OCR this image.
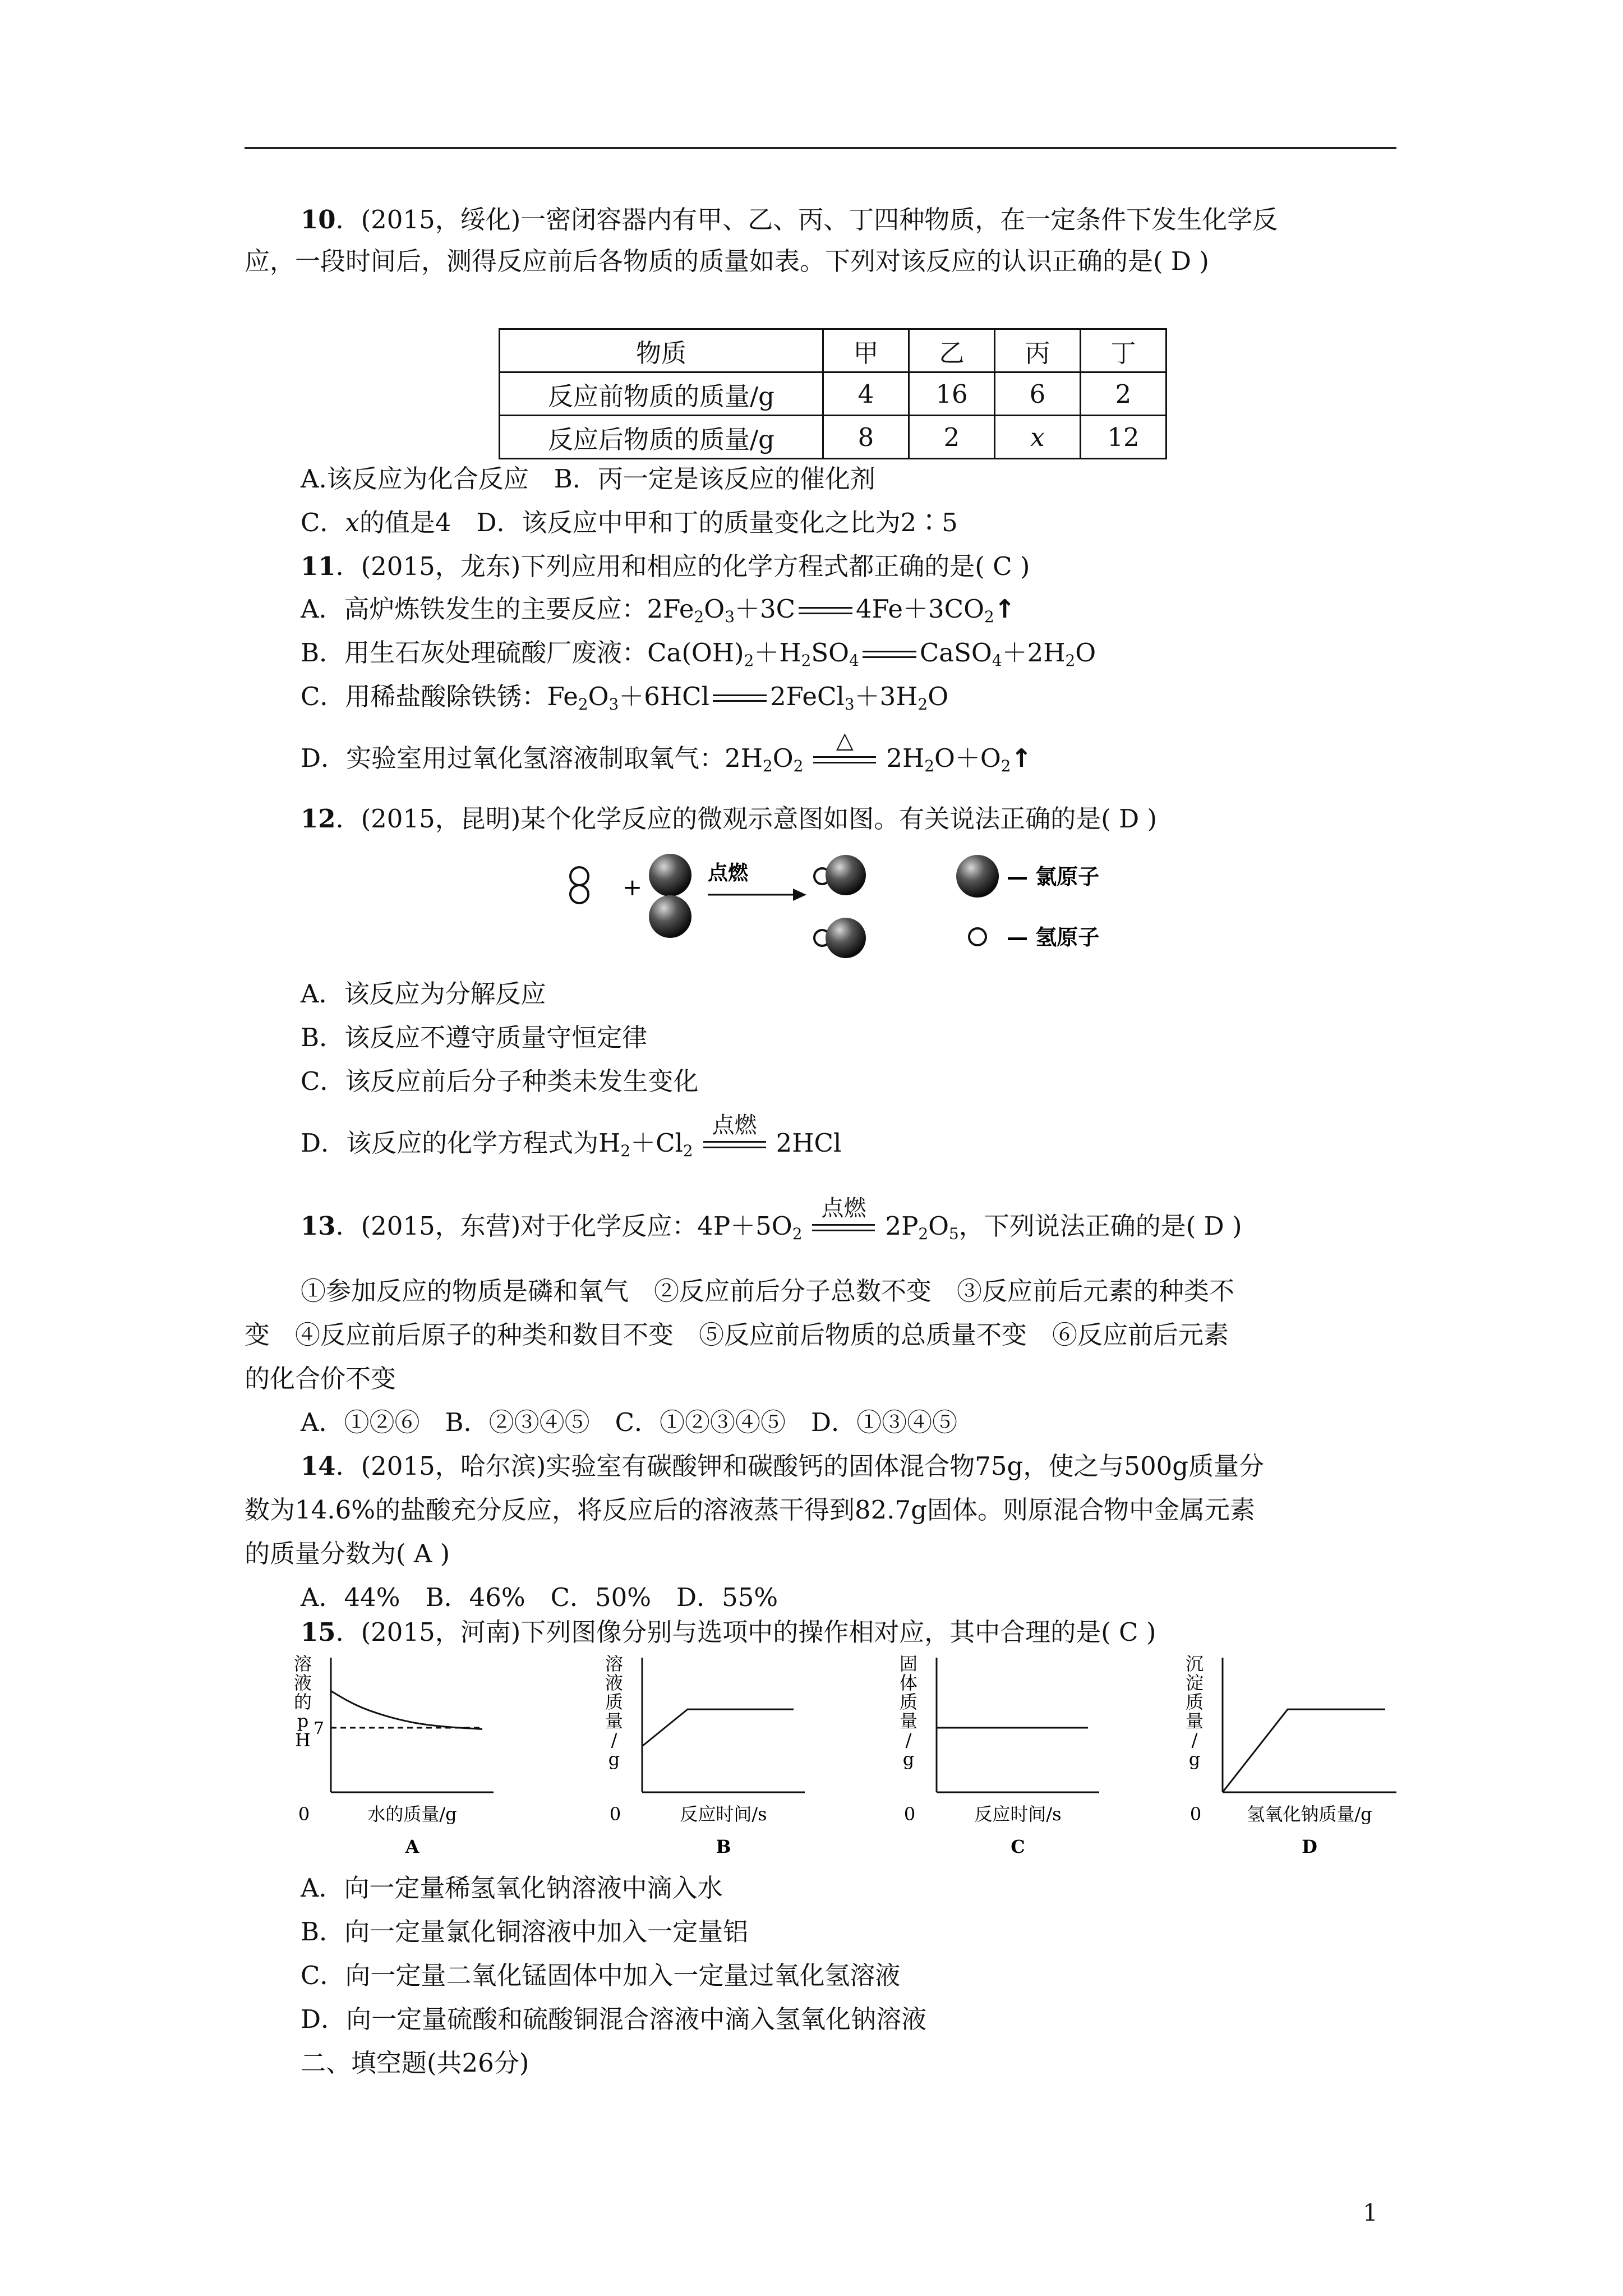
10．(2015，绥化)一密闭容器内有甲、乙、丙、丁四种物质，在一定条件下发生化学反
应，一段时间后，测得反应前后各物质的质量如表。下列对该反应的认识正确的是( D )
物质	甲	乙	丙	丁
反应前物质的质量/g	4	16	6	2
反应后物质的质量/g	8	2	x	12
A.该反应为化合反应　B．丙一定是该反应的催化剂
C．x的值是4　D．该反应中甲和丁的质量变化之比为2∶5
11．(2015，龙东)下列应用和相应的化学方程式都正确的是( C )
A．高炉炼铁发生的主要反应：$2Fe_2O_3+3C$ $4Fe+3CO_2↑$
B．用生石灰处理硫酸厂废液：$Ca(OH)_2+H_2SO_4$ $CaSO_4+2H_2O$
C．用稀盐酸除铁锈：$Fe_2O_3+6HCl$ $2FeCl_3+3H_2O$
D．实验室用过氧化氢溶液制取氧气：$2H_2O_2$
△
$2H_2O+O_2↑$
12．(2015，昆明)某个化学反应的微观示意图如图。有关说法正确的是( D )
+
点燃	— 氯原子
— 氢原子
A．该反应为分解反应
B．该反应不遵守质量守恒定律
C．该反应前后分子种类未发生变化
D．该反应的化学方程式为$H_2+Cl_2$
点燃
2HCl
13．(2015，东营)对于化学反应：$4P+5O_2$
点燃
$2P_2O_5$，下列说法正确的是( D )
①参加反应的物质是磷和氧气　②反应前后分子总数不变　③反应前后元素的种类不
变　④反应前后原子的种类和数目不变　⑤反应前后物质的总质量不变　⑥反应前后元素
的化合价不变
A．①②⑥　B．②③④⑤　C．①②③④⑤　D．①③④⑤
14．(2015，哈尔滨)实验室有碳酸钾和碳酸钙的固体混合物75g，使之与500g质量分
数为14.6%的盐酸充分反应，将反应后的溶液蒸干得到82.7g固体。则原混合物中金属元素
的质量分数为( A )
A．44%　B．46%　C．50%　D．55%
15．(2015，河南)下列图像分别与选项中的操作相对应，其中合理的是( C )
溶液的 p H
0	水的质量/g
7
A
溶液质量/ g
0	反应时间/s
B
固体质量/ g
0	反应时间/s
C
沉淀质量/ g
0	氢氧化钠质量/g
D
A．向一定量稀氢氧化钠溶液中滴入水
B．向一定量氯化铜溶液中加入一定量铝
C．向一定量二氧化锰固体中加入一定量过氧化氢溶液
D．向一定量硫酸和硫酸铜混合溶液中滴入氢氧化钠溶液
二、填空题(共26分)
1
